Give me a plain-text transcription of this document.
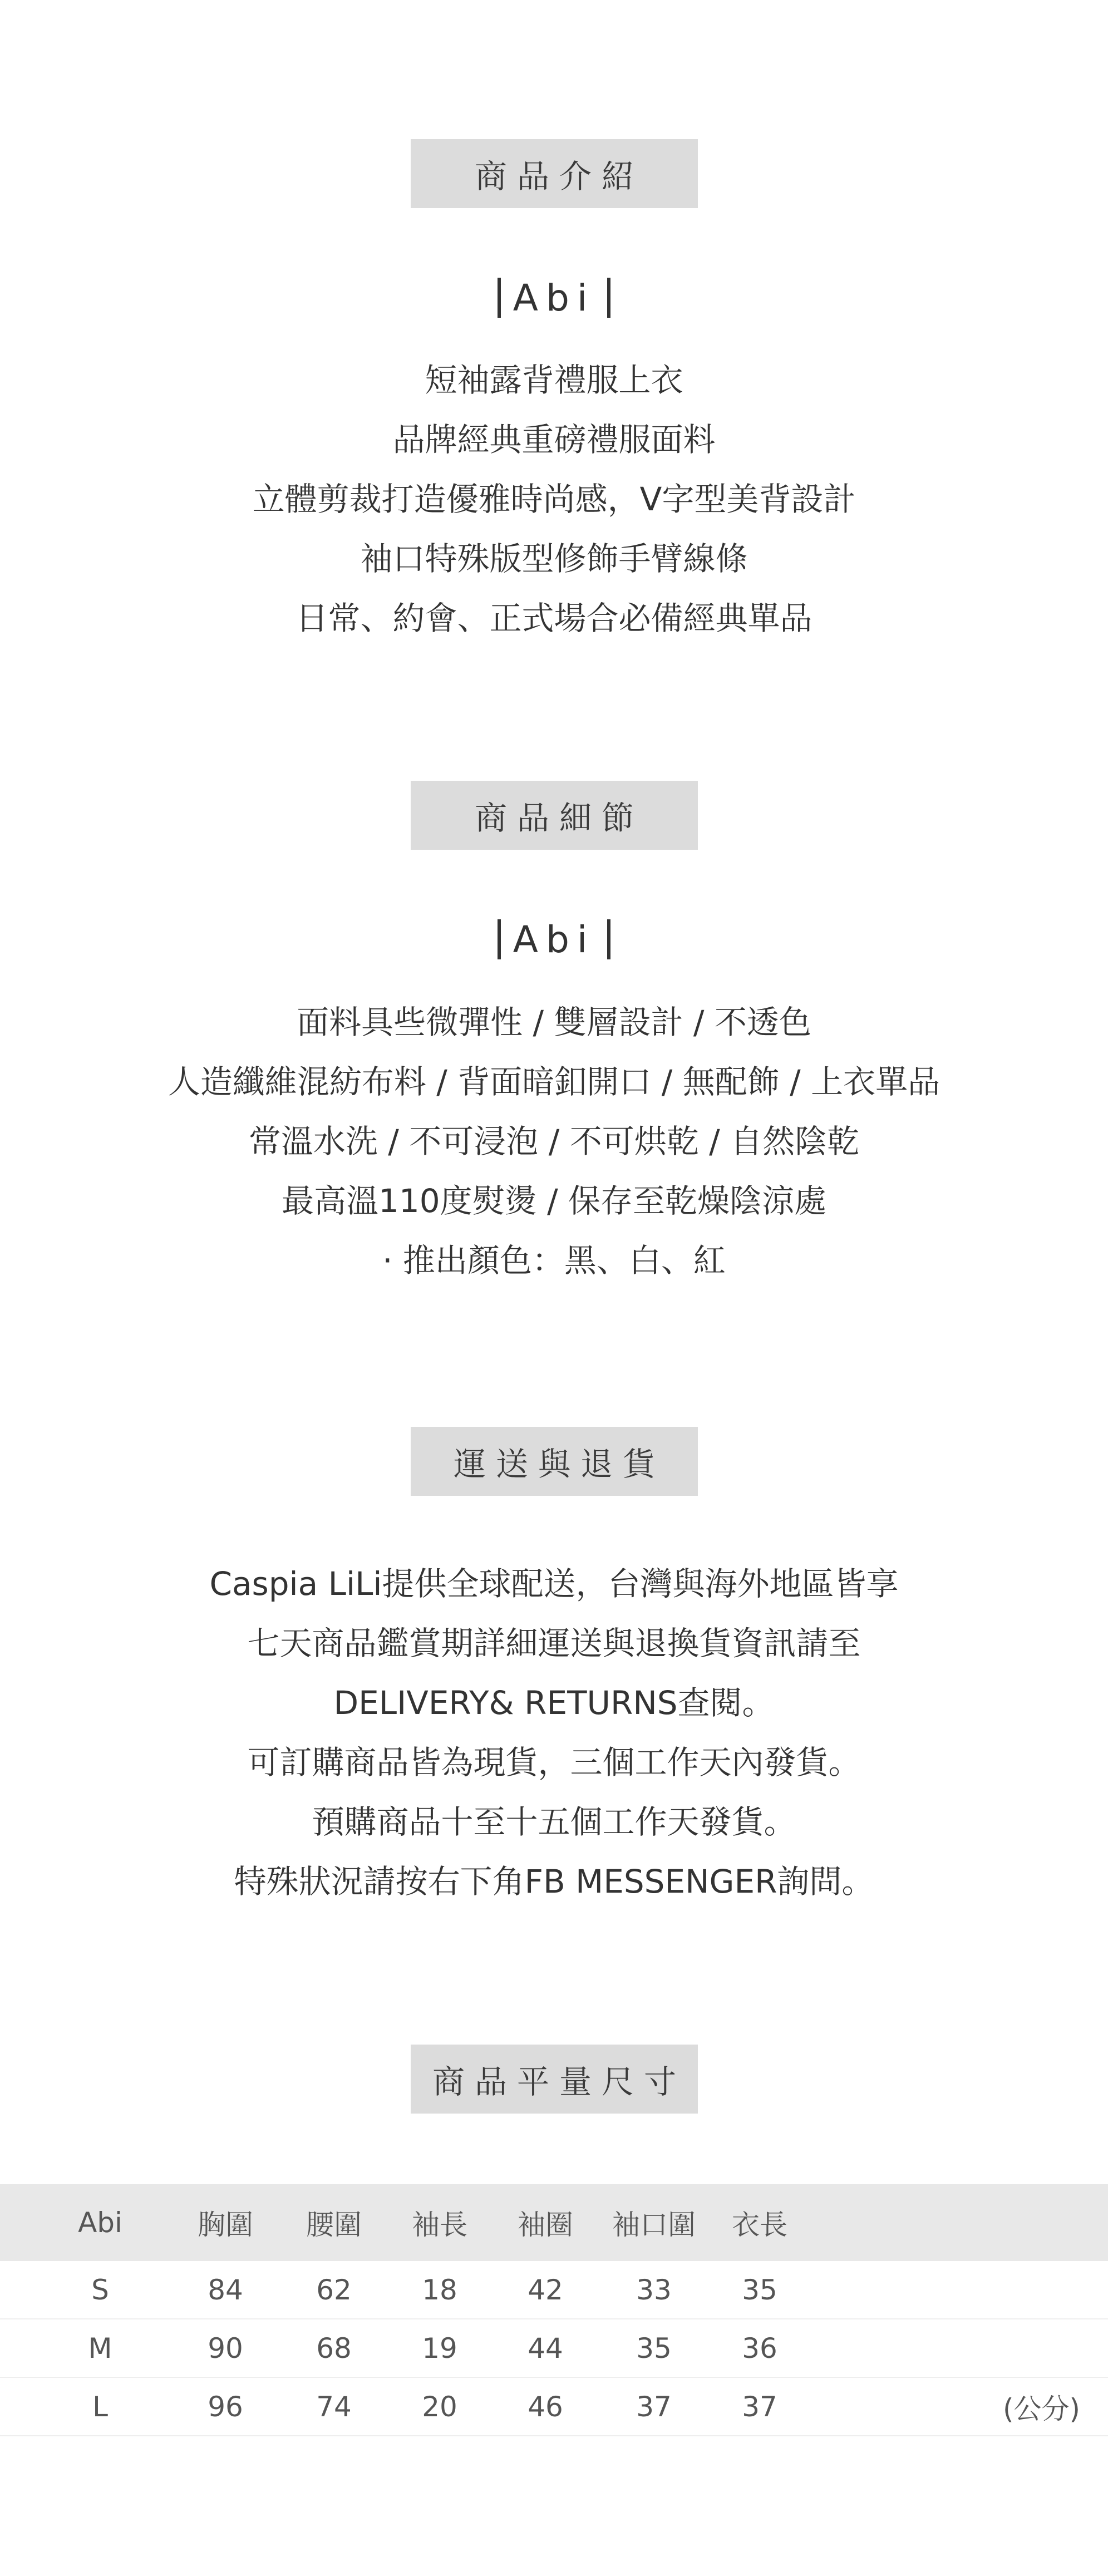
商品介紹
Abi
短袖露背禮服上衣
品牌經典重磅禮服面料
立體剪裁打造優雅時尚感，V字型美背設計
袖口特殊版型修飾手臂線條
日常、約會、正式場合必備經典單品
商品細節
Abi
面料具些微彈性 / 雙層設計 / 不透色
人造纖維混紡布料 / 背面暗釦開口 / 無配飾 / 上衣單品
常溫水洗 / 不可浸泡 / 不可烘乾 / 自然陰乾
最高溫110度熨燙 / 保存至乾燥陰涼處
· 推出顏色：黑、白、紅
運送與退貨
Caspia LiLi提供全球配送，台灣與海外地區皆享
七天商品鑑賞期詳細運送與退換貨資訊請至
DELIVERY& RETURNS查閱。
可訂購商品皆為現貨，三個工作天內發貨。
預購商品十至十五個工作天發貨。
特殊狀況請按右下角FB MESSENGER詢問。
商品平量尺寸
Abi	胸圍	腰圍	袖長	袖圈	袖口圍	衣長
S	84	62	18	42	33	35
M	90	68	19	44	35	36
L	96	74	20	46	37	37	(公分)
